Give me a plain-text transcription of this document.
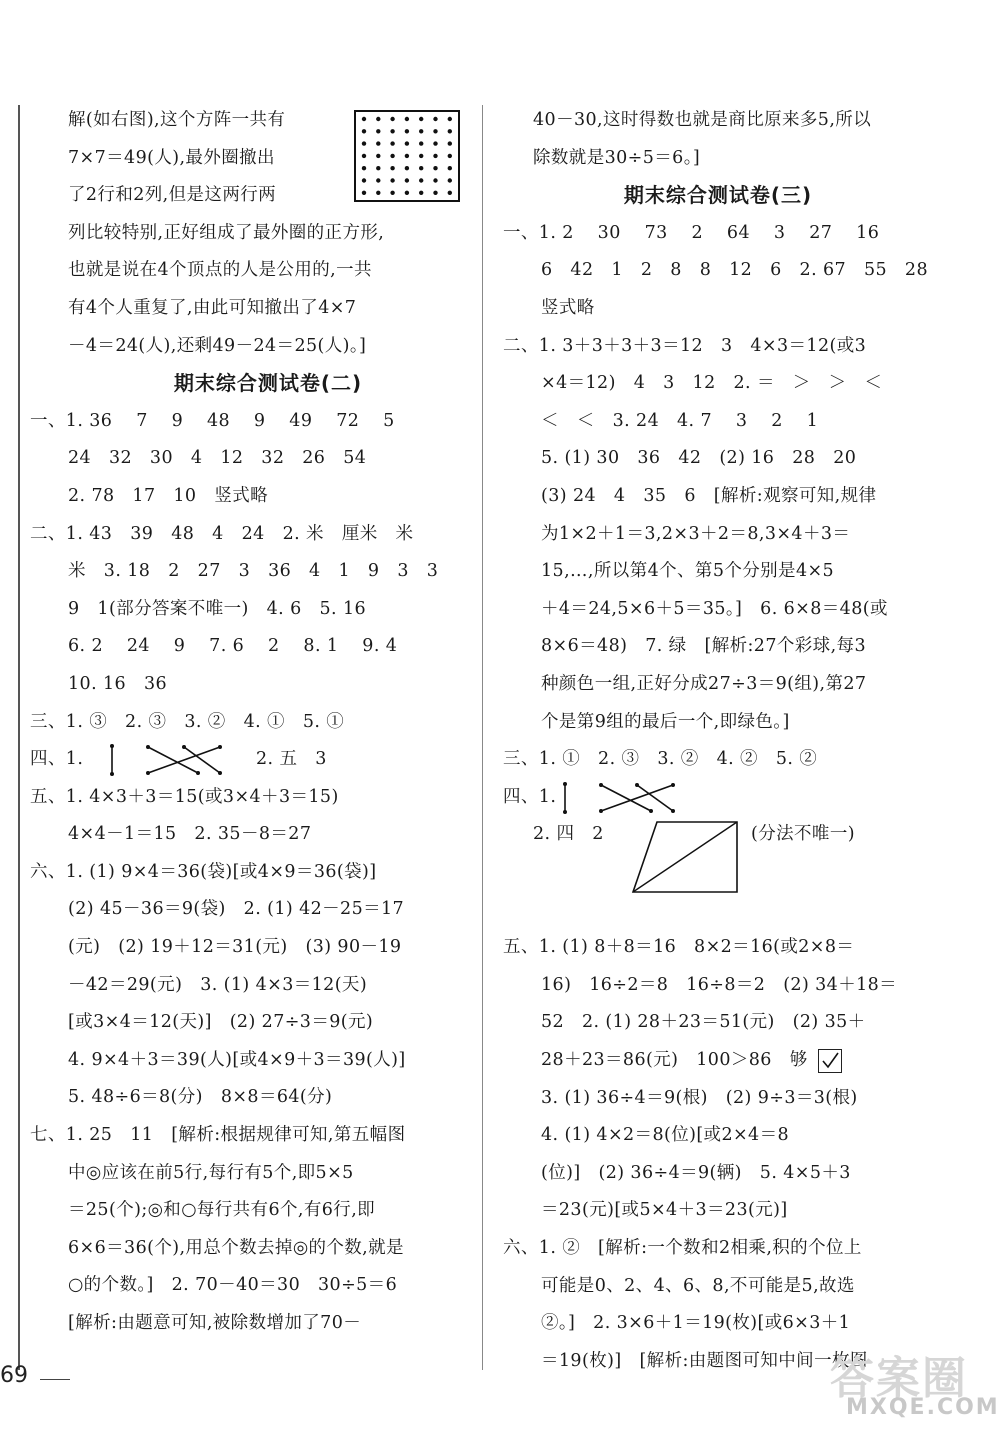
解(如右图),这个方阵一共有
7×7＝49(人),最外圈撤出
了2行和2列,但是这两行两
列比较特别,正好组成了最外圈的正方形,
也就是说在4个顶点的人是公用的,一共
有4个人重复了,由此可知撤出了4×7
－4＝24(人),还剩49－24＝25(人)。]
期末综合测试卷(二)
一、1. 36　 7　 9　 48　 9　 49　 72　 5
24　32　30　4　12　32　26　54
2. 78　17　10　竖式略
二、1. 43　39　48　4　24　2. 米　厘米　米
米　3. 18　2　27　3　36　4　1　9　3　3
9　1(部分答案不唯一)　4. 6　5. 16
6. 2　 24　 9　 7. 6　 2　 8. 1　 9. 4
10. 16　36
三、1. ③　2. ③　3. ②　4. ①　5. ①
四、1.	2. 五　3
五、1. 4×3＋3＝15(或3×4＋3＝15)
4×4－1＝15　2. 35－8＝27
六、1. (1) 9×4＝36(袋)[或4×9＝36(袋)]
(2) 45－36＝9(袋)　2. (1) 42－25＝17
(元)　(2) 19＋12＝31(元)　(3) 90－19
－42＝29(元)　3. (1) 4×3＝12(天)
[或3×4＝12(天)]　(2) 27÷3＝9(元)
4. 9×4＋3＝39(人)[或4×9＋3＝39(人)]
5. 48÷6＝8(分)　8×8＝64(分)
七、1. 25　11　[解析:根据规律可知,第五幅图
中◎应该在前5行,每行有5个,即5×5
＝25(个);◎和○每行共有6个,有6行,即
6×6＝36(个),用总个数去掉◎的个数,就是
○的个数。]　2. 70－40＝30　30÷5＝6
[解析:由题意可知,被除数增加了70－
40－30,这时得数也就是商比原来多5,所以
除数就是30÷5＝6。]
期末综合测试卷(三)
一、1. 2　 30　 73　 2　 64　 3　 27　 16
6　42　1　2　8　8　12　6　2. 67　55　28
竖式略
二、1. 3＋3＋3＋3＝12　3　4×3＝12(或3
×4＝12)　4　3　12　2. ＝　＞　＞　＜
＜　＜　3. 24　4. 7　 3　 2　 1
5. (1) 30　36　42　(2) 16　28　20
(3) 24　4　35　6　[解析:观察可知,规律
为1×2＋1＝3,2×3＋2＝8,3×4＋3＝
15,…,所以第4个、第5个分别是4×5
＋4＝24,5×6＋5＝35。]　6. 6×8＝48(或
8×6＝48)　7. 绿　[解析:27个彩球,每3
种颜色一组,正好分成27÷3＝9(组),第27
个是第9组的最后一个,即绿色。]
三、1. ①　2. ③　3. ②　4. ②　5. ②
四、1.
2. 四　2	(分法不唯一)
五、1. (1) 8＋8＝16　8×2＝16(或2×8＝
16)　16÷2＝8　16÷8＝2　(2) 34＋18＝
52　2. (1) 28＋23＝51(元)　(2) 35＋
28＋23＝86(元)　100＞86　够
3. (1) 36÷4＝9(根)　(2) 9÷3＝3(根)
4. (1) 4×2＝8(位)[或2×4＝8
(位)]　(2) 36÷4＝9(辆)　5. 4×5＋3
＝23(元)[或5×4＋3＝23(元)]
六、1. ②　[解析:一个数和2相乘,积的个位上
可能是0、2、4、6、8,不可能是5,故选
②。]　2. 3×6＋1＝19(枚)[或6×3＋1
＝19(枚)]　[解析:由题图可知中间一枚图
69	答案圈
MXQE.COM
